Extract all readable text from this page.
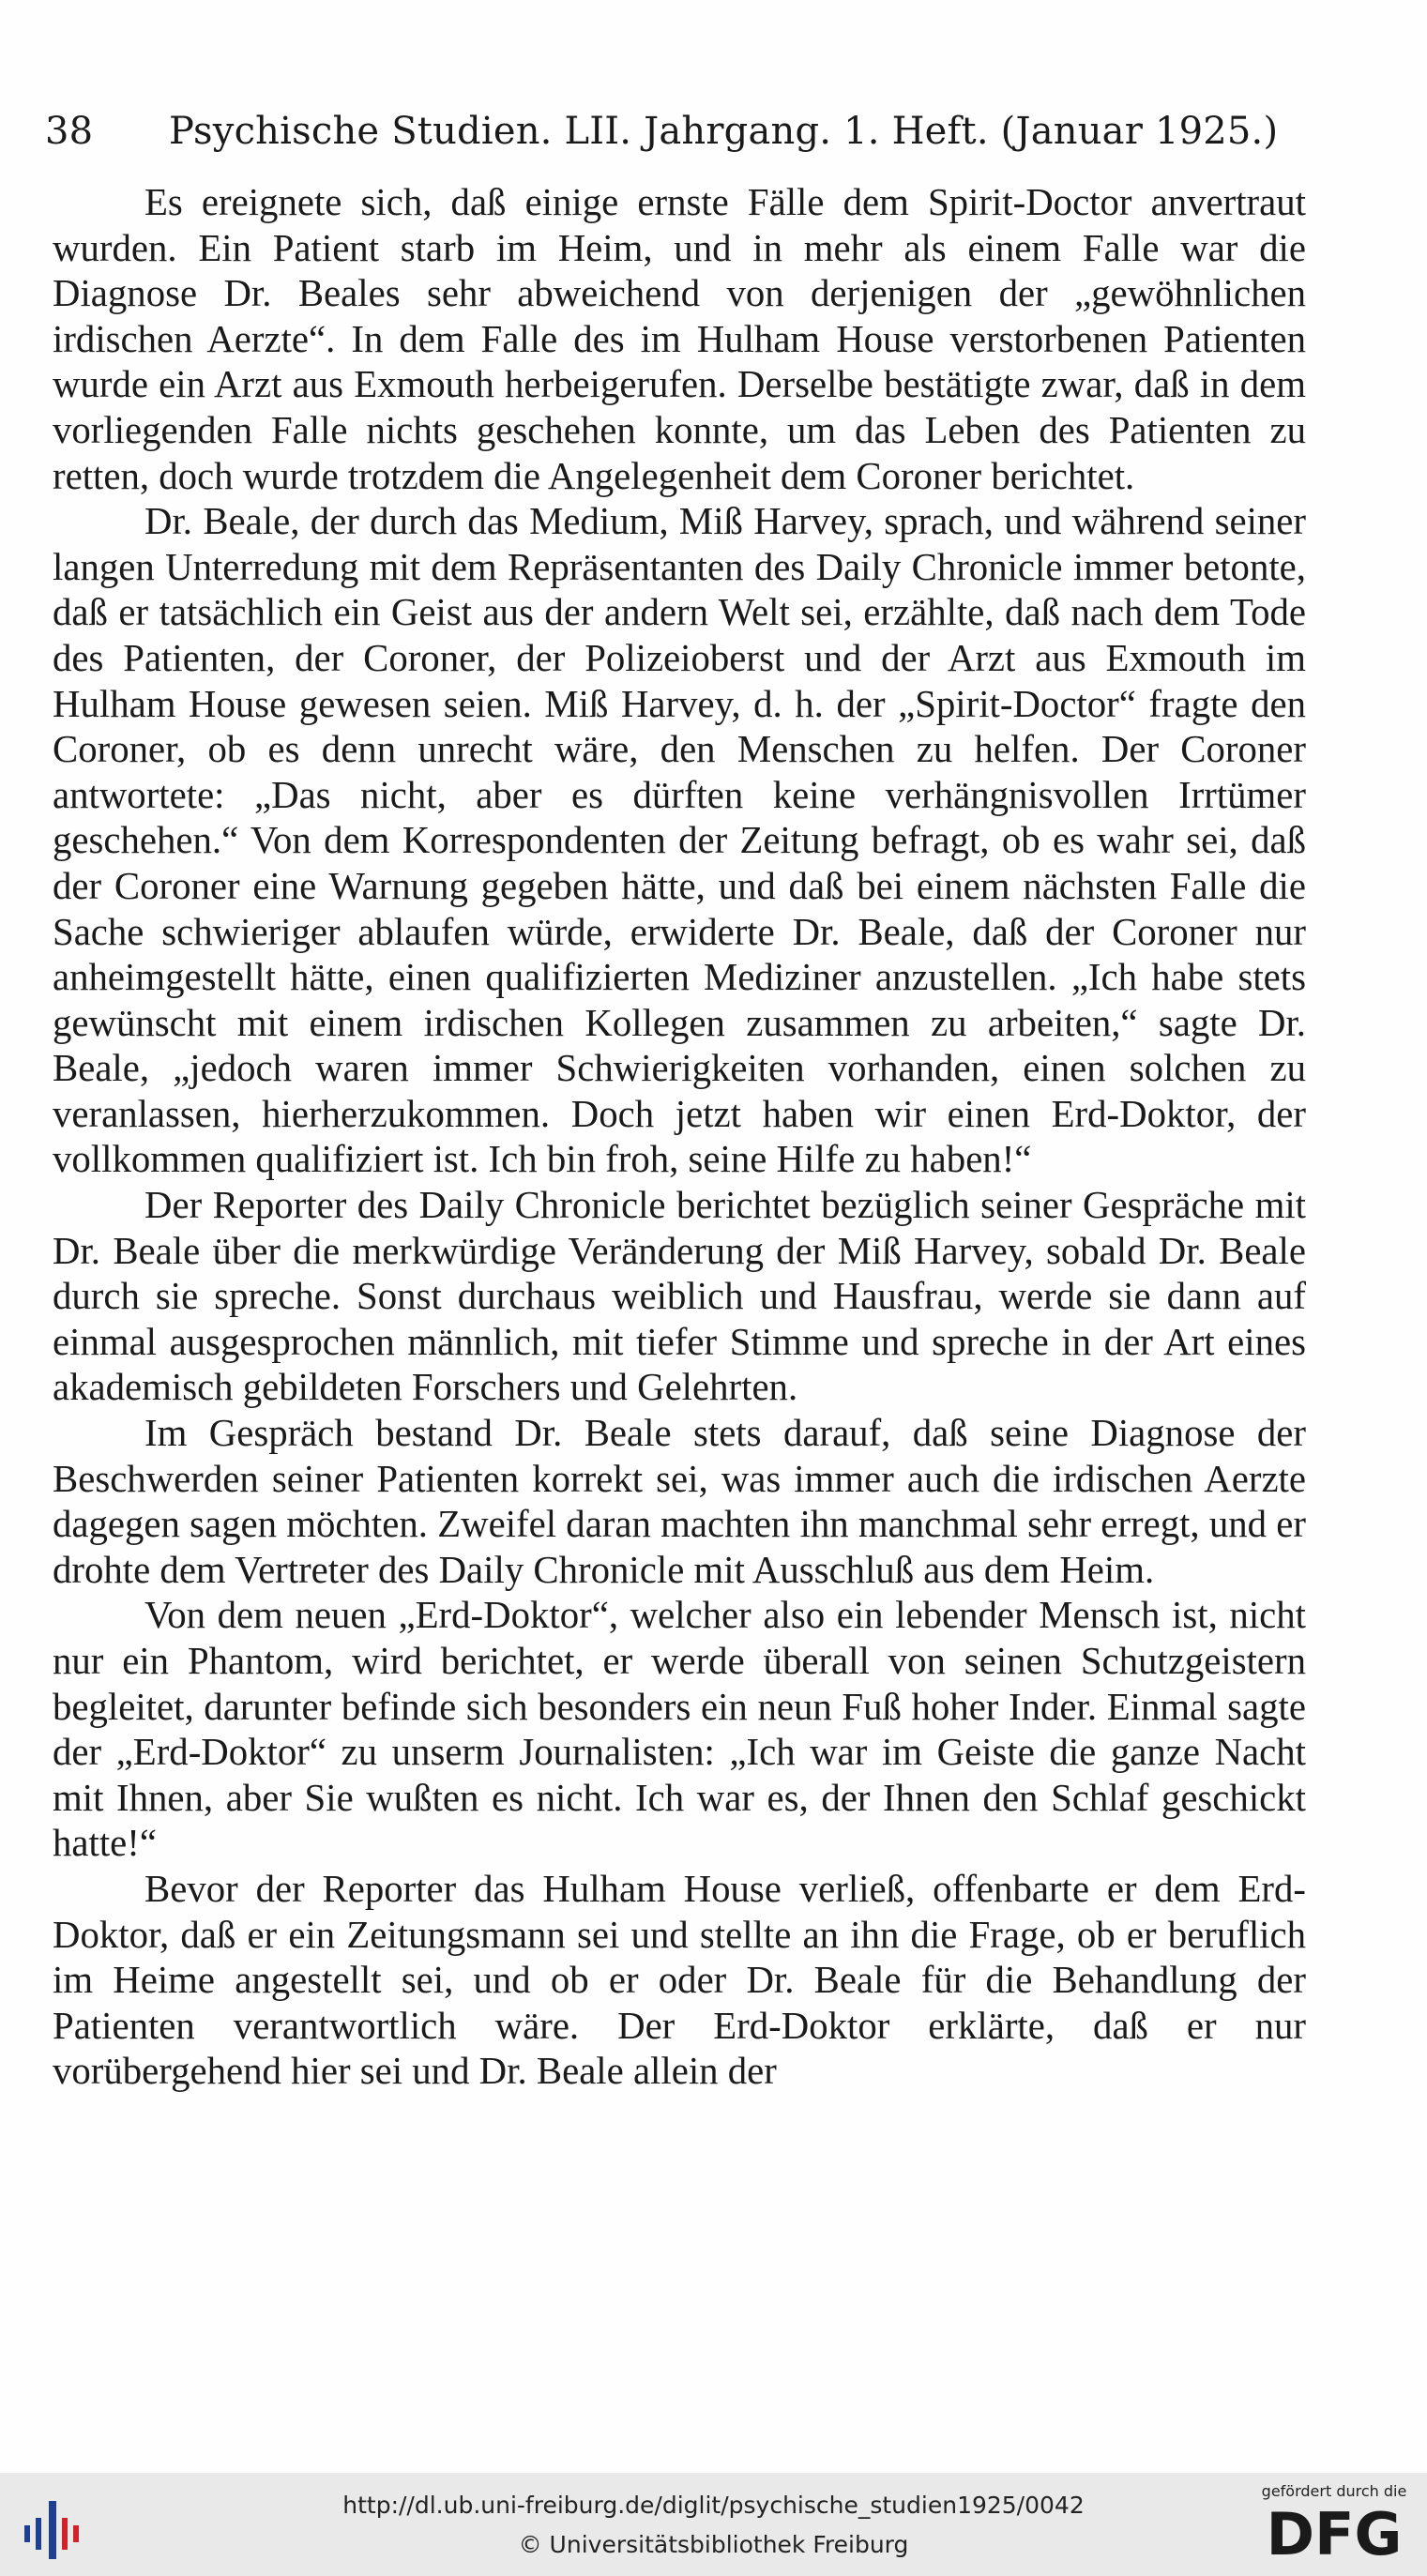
38 Psychische Studien. LII. Jahrgang. 1. Heft. (Januar 1925.)

Es ereignete sich, daß einige ernste Fälle dem Spirit-Doctor anvertraut wurden. Ein Patient starb im Heim, und in mehr als einem Falle war die Diagnose Dr. Beales sehr abweichend von derjenigen der „gewöhnlichen irdischen Aerzte“. In dem Falle des im Hulham House verstorbenen Patienten wurde ein Arzt aus Exmouth herbeigerufen. Derselbe bestätigte zwar, daß in dem vorliegenden Falle nichts geschehen konnte, um das Leben des Patienten zu retten, doch wurde trotzdem die Angelegenheit dem Coroner berichtet.

Dr. Beale, der durch das Medium, Miß Harvey, sprach, und während seiner langen Unterredung mit dem Repräsentanten des Daily Chronicle immer betonte, daß er tatsächlich ein Geist aus der andern Welt sei, erzählte, daß nach dem Tode des Patienten, der Coroner, der Polizeioberst und der Arzt aus Exmouth im Hulham House gewesen seien. Miß Harvey, d. h. der „Spirit-Doctor“ fragte den Coroner, ob es denn unrecht wäre, den Menschen zu helfen. Der Coroner antwortete: „Das nicht, aber es dürften keine verhängnisvollen Irrtümer geschehen.“ Von dem Korrespondenten der Zeitung befragt, ob es wahr sei, daß der Coroner eine Warnung gegeben hätte, und daß bei einem nächsten Falle die Sache schwieriger ablaufen würde, erwiderte Dr. Beale, daß der Coroner nur anheimgestellt hätte, einen qualifizierten Mediziner anzustellen. „Ich habe stets gewünscht mit einem irdischen Kollegen zusammen zu arbeiten,“ sagte Dr. Beale, „jedoch waren immer Schwierigkeiten vorhanden, einen solchen zu veranlassen, hierherzukommen. Doch jetzt haben wir einen Erd-Doktor, der vollkommen qualifiziert ist. Ich bin froh, seine Hilfe zu haben!“

Der Reporter des Daily Chronicle berichtet bezüglich seiner Gespräche mit Dr. Beale über die merkwürdige Veränderung der Miß Harvey, sobald Dr. Beale durch sie spreche. Sonst durchaus weiblich und Hausfrau, werde sie dann auf einmal ausgesprochen männlich, mit tiefer Stimme und spreche in der Art eines akademisch gebildeten Forschers und Gelehrten.

Im Gespräch bestand Dr. Beale stets darauf, daß seine Diagnose der Beschwerden seiner Patienten korrekt sei, was immer auch die irdischen Aerzte dagegen sagen möchten. Zweifel daran machten ihn manchmal sehr erregt, und er drohte dem Vertreter des Daily Chronicle mit Ausschluß aus dem Heim.

Von dem neuen „Erd-Doktor“, welcher also ein lebender Mensch ist, nicht nur ein Phantom, wird berichtet, er werde überall von seinen Schutzgeistern begleitet, darunter befinde sich besonders ein neun Fuß hoher Inder. Einmal sagte der „Erd-Doktor“ zu unserm Journalisten: „Ich war im Geiste die ganze Nacht mit Ihnen, aber Sie wußten es nicht. Ich war es, der Ihnen den Schlaf geschickt hatte!“

Bevor der Reporter das Hulham House verließ, offenbarte er dem Erd-Doktor, daß er ein Zeitungsmann sei und stellte an ihn die Frage, ob er beruflich im Heime angestellt sei, und ob er oder Dr. Beale für die Behandlung der Patienten verantwortlich wäre. Der Erd-Doktor erklärte, daß er nur vorübergehend hier sei und Dr. Beale allein der

http://dl.ub.uni-freiburg.de/diglit/psychische_studien1925/0042
© Universitätsbibliothek Freiburg
gefördert durch die
DFG
